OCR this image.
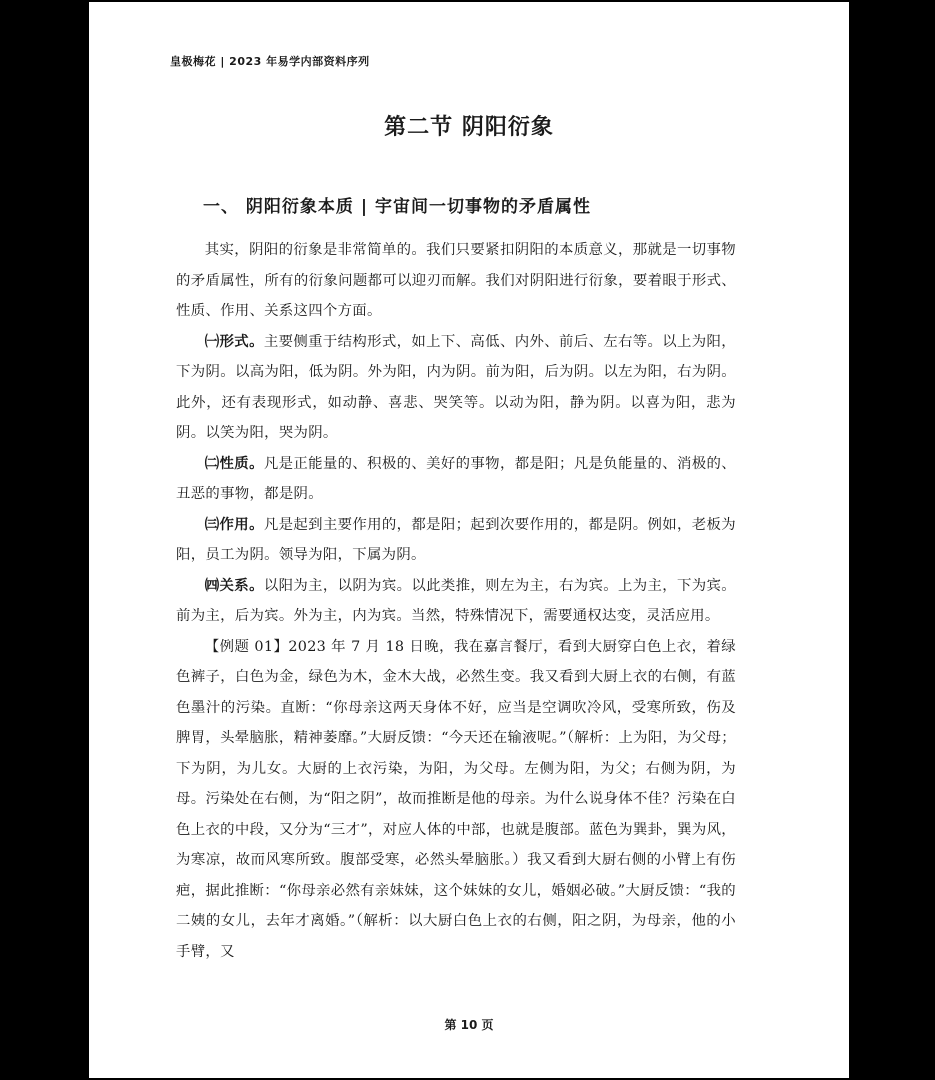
皇极梅花 | 2023 年易学内部资料序列
第二节 阴阳衍象
一、 阴阳衍象本质 | 宇宙间一切事物的矛盾属性

其实，阴阳的衍象是非常简单的。我们只要紧扣阴阳的本质意义，那就是一切事物的矛盾属性，所有的衍象问题都可以迎刃而解。我们对阴阳进行衍象，要着眼于形式、性质、作用、关系这四个方面。

㈠形式。主要侧重于结构形式，如上下、高低、内外、前后、左右等。以上为阳，下为阴。以高为阳，低为阴。外为阳，内为阴。前为阳，后为阴。以左为阳，右为阴。此外，还有表现形式，如动静、喜悲、哭笑等。以动为阳，静为阴。以喜为阳，悲为阴。以笑为阳，哭为阴。

㈡性质。凡是正能量的、积极的、美好的事物，都是阳；凡是负能量的、消极的、丑恶的事物，都是阴。

㈢作用。凡是起到主要作用的，都是阳；起到次要作用的，都是阴。例如，老板为阳，员工为阴。领导为阳，下属为阴。

㈣关系。以阳为主，以阴为宾。以此类推，则左为主，右为宾。上为主，下为宾。前为主，后为宾。外为主，内为宾。当然，特殊情况下，需要通权达变，灵活应用。

【例题 01】2023 年 7 月 18 日晚，我在嘉言餐厅，看到大厨穿白色上衣，着绿色裤子，白色为金，绿色为木，金木大战，必然生变。我又看到大厨上衣的右侧，有蓝色墨汁的污染。直断：“你母亲这两天身体不好，应当是空调吹冷风，受寒所致，伤及脾胃，头晕脑胀，精神萎靡。”大厨反馈：“今天还在输液呢。”（解析：上为阳，为父母；下为阴，为儿女。大厨的上衣污染，为阳，为父母。左侧为阳，为父；右侧为阴，为母。污染处在右侧，为“阳之阴”，故而推断是他的母亲。为什么说身体不佳？污染在白色上衣的中段，又分为“三才”，对应人体的中部，也就是腹部。蓝色为巽卦，巽为风，为寒凉，故而风寒所致。腹部受寒，必然头晕脑胀。）我又看到大厨右侧的小臂上有伤疤，据此推断：“你母亲必然有亲妹妹，这个妹妹的女儿，婚姻必破。”大厨反馈：“我的二姨的女儿，去年才离婚。”（解析：以大厨白色上衣的右侧，阳之阴，为母亲，他的小手臂，又

第 10 页
